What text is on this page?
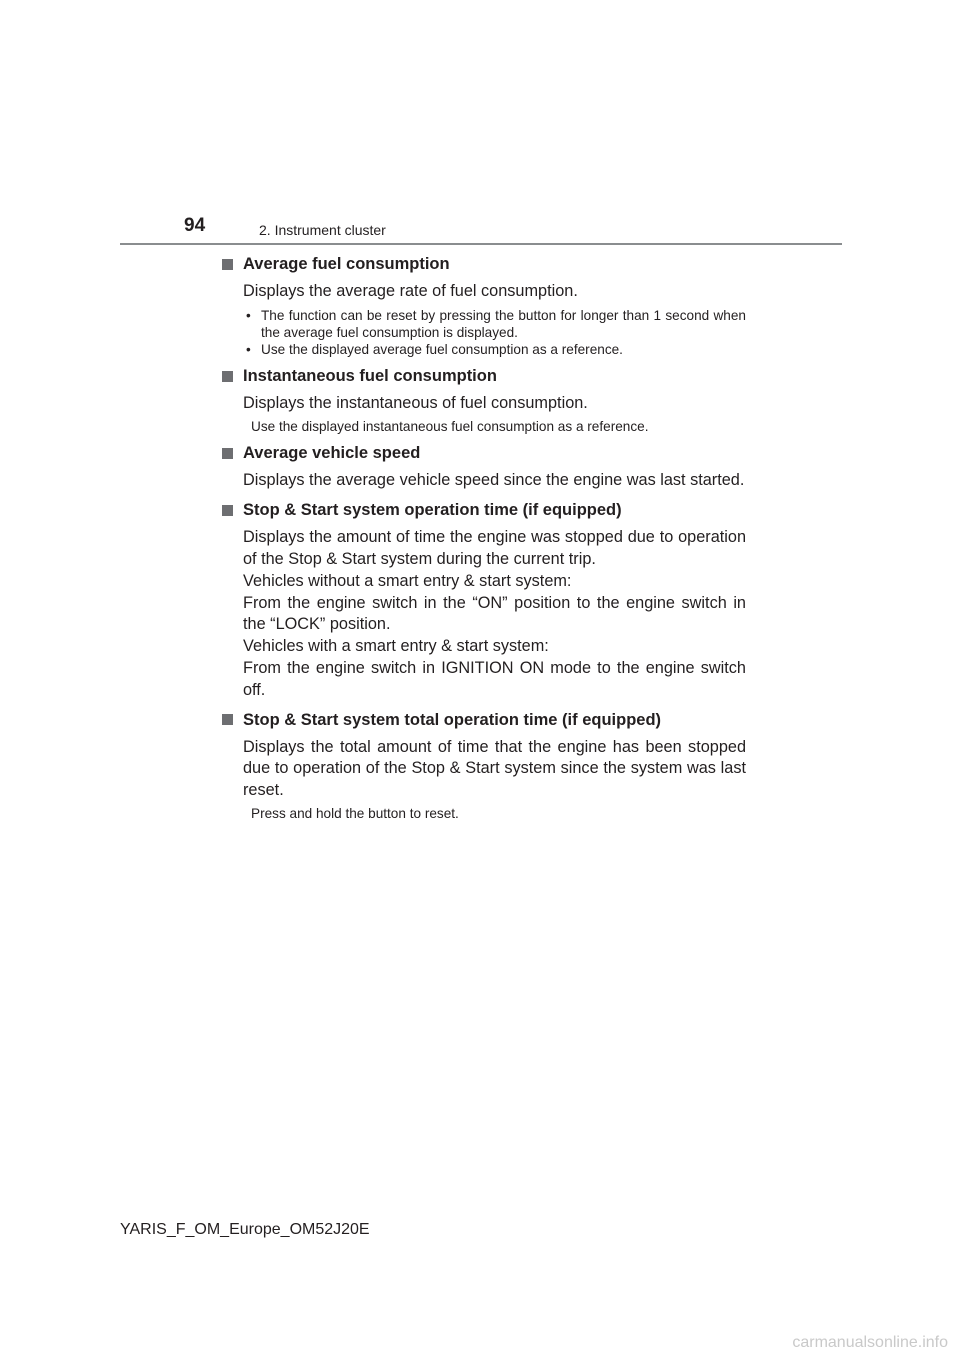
94	2. Instrument cluster
Average fuel consumption
Displays the average rate of fuel consumption.
• The function can be reset by pressing the button for longer than 1 second when the average fuel consumption is displayed.
• Use the displayed average fuel consumption as a reference.
Instantaneous fuel consumption
Displays the instantaneous of fuel consumption.
Use the displayed instantaneous fuel consumption as a reference.
Average vehicle speed
Displays the average vehicle speed since the engine was last started.
Stop & Start system operation time (if equipped)
Displays the amount of time the engine was stopped due to operation of the Stop & Start system during the current trip.
Vehicles without a smart entry & start system:
From the engine switch in the “ON” position to the engine switch in the “LOCK” position.
Vehicles with a smart entry & start system:
From the engine switch in IGNITION ON mode to the engine switch off.
Stop & Start system total operation time (if equipped)
Displays the total amount of time that the engine has been stopped due to operation of the Stop & Start system since the system was last reset.
Press and hold the button to reset.
YARIS_F_OM_Europe_OM52J20E
carmanualsonline.info
